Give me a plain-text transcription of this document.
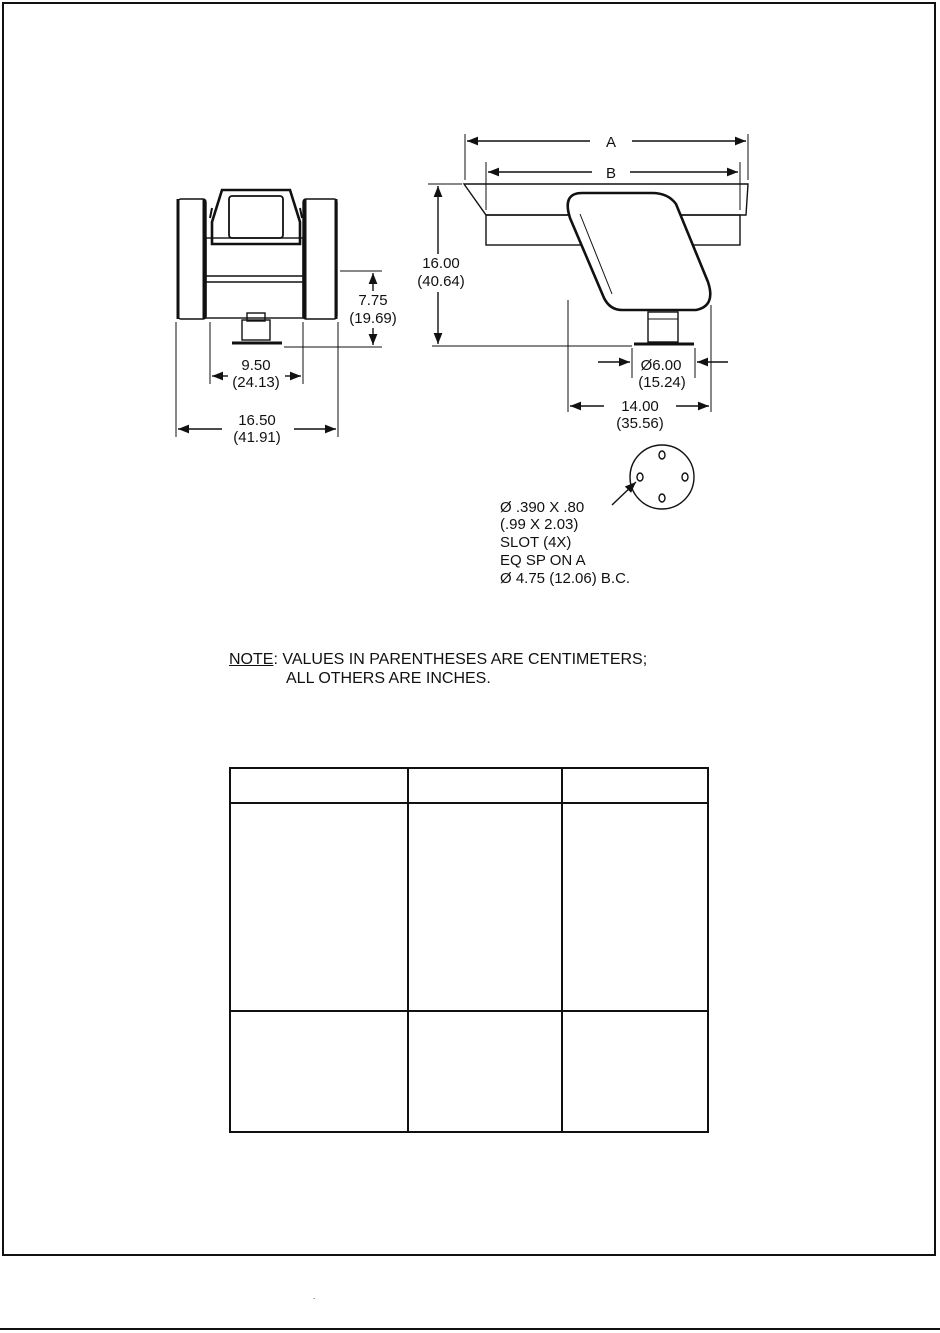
7.75
(19.69)
9.50
(24.13)
16.50
(41.91)
A
B
16.00
(40.64)
Ø6.00
(15.24)
14.00
(35.56)
Ø .390 X .80
(.99 X 2.03)
SLOT (4X)
EQ SP ON A
Ø 4.75 (12.06) B.C.
NOTE: VALUES IN PARENTHESES ARE CENTIMETERS;
ALL OTHERS ARE INCHES.

.
